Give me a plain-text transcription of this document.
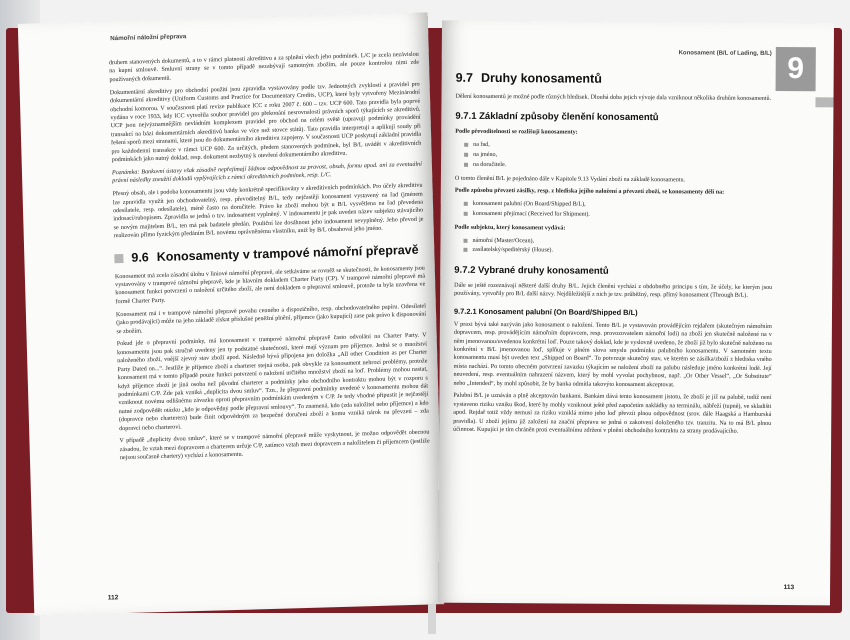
Námořní náložní přeprava

druhem stanovených dokumentů, a to v rámci platnosti akreditivu a za splnění všech jeho podmínek. L/C je zcela nezávislou na kupní smlouvě. Smluvní strany se v tomto případě nezabývají samotným zbožím, ale pouze kontrolou nimi zde používaných dokumentů.

Dokumentární akreditivy pro obchodní použití jsou zpravidla vystavovány podle tzv. Jednotných zvyklostí a pravidel pro dokumentární akreditivy (Uniform Customs and Practice for Documentary Credits, UCP), které byly vytvořeny Mezinárodní obchodní komorou. V současnosti platí revize publikace ICC z roku 2007 č. 600 – tzv. UCP 600. Tato pravidla byla poprvé vydána v roce 1933, kdy ICC vytvořila soubor pravidel pro překonání nesrovnalostí právních sporů týkajících se akreditivů. UCP jsou nejvýznamnějším nevládním komplexem pravidel pro obchod na celém světě (upravují podmínky provádění transakcí na bázi dokumentárních akreditivů banka ve více než stovce států). Tato pravidla interpretují a aplikují soudy při řešení sporů mezi stranami, které jsou do dokumentárního akreditivu zapojeny. V současnosti UCP poskytují základní pravidla pro každodenní transakce v rámci UCP 600. Za určitých, předem stanovených podmínek, byl B/L uvádět v akreditivních podmínkách jako nutný doklad, resp. dokument nezbytný k otevření dokumentárního akreditivu.

Poznámka: Bankovní ústavy však zásadně nepřejímají žádnou odpovědnost za pravost, obsah, formu apod. ani za eventuální právní následky zneužití dokladů vyplývajících z rámci akreditivních podmínek, resp. L/C.

Přesný obsah, ale i podoba konosamentu jsou vždy konkrétně specifikovány v akreditivních podmínkách. Pro účely akreditivu lze zpravidla využít jen obchodovatelný, resp. převoditelný B/L, tedy nejčastěji konosament vystavený na řad (jménem odesílatele, resp. odesílatele), méně často na doručitele. Právo ke zboží mohou být u B/L vysvětlena na řad převedena indosací/rubopisem. Zpravidla se jedná o tzv. indosament vyplněný. V indosamentu je pak uveden název subjektu stávajícího se novým majitelem B/L, ten má pak badatele předán. Pouliční lze dosáhnout jeho indosament nevyplněný. Jeho převod je realizován přímo fyzickým předáním B/L novému oprávněnému vlastníku, aniž by B/L obsahoval jeho jméno.

9.6 Konosamenty v trampové námořní přepravě

Konosament má zcela zásadní úlohu v liniové námořní přepravě, ale setkáváme se rovněž se skutečností, že konosamenty jsou vystavovány v trampové námořní přepravě, kde je hlavním dokladem Charter Party (CP). V trampové námořní přepravě má konosament funkci potvrzení o naložení určitého zboží, ale není dokladem o přepravní smlouvě, protože ta byla uzavřena ve formě Charter Party.

Konosament má i v trampové námořní přepravě povahu cenného a dispozičního, resp. obchodovatelného papíru. Odesílatel (jako prodávající) může na jeho základě získat příslušné peněžní plnění, příjemce (jako kupující) zase pak právo k disponování se zbožím.

Pokud jde o přepravní podmínky, má konosament v trampové námořní přepravě často odvolání na Charter Party. V konosamentu jsou pak stručně uvedeny jen ty podstatné skutečnosti, které mají význam pro příjemce. Jedná se o množství naloženého zboží, vnější zjevný stav zboží apod. Následně bývá připojena jen doložka „All other Condition as per Charter Party Dated on...“. Jestliže je příjemce zboží a charterer stejná osoba, pak obvykle za konosament nehrozí problémy, protože konosament má v tomto případě pouze funkci potvrzení o naložení určitého množství zboží na loď. Problémy mohou nastat, když příjemce zboží je jiná osoba než původní charterer a podmínky jeho obchodního kontraktu mohou být v rozporu s podmínkami C/P. Zde pak vzniká „duplicita dvou smluv“. Tzn., že přepravní podmínky uvedené v konosamentu mohou dát vzniknout novému odlišnému závazku oproti přepravním podmínkám uvedeným v C/P. Je tedy vhodné připustit je nejčastěji nutné zodpovědět otázku „kdo je odpovědný podle přepravní smlouvy“. To znamená, kdo (zda naložitel nebo příjemce) a kdo (dopravce nebo charterera) bude činit odpovědným za bezpečné doručení zboží a komu vzniká nárok na převzetí – zda dopravci nebo charterovi.

V případě „duplicity dvou smluv“, které se v trampové námořní přepravě může vyskytnout, je možno odpovědět obecnou zásadou, že vztah mezi dopravcem a charterem určuje C/P, zatímco vztah mezi dopravcem a naložitelem či příjemcem (jestliže nejsou současně chartery) vychází z konosamentu.

112
Konosament (B/L of Lading, B/L) 9
9.7 Druhy konosamentů

Dělení konosamentů je možné podle různých hledisek. Dlouhá doba jejich vývoje dala vzniknout několika druhům konosamentů.

9.7.1 Základní způsoby členění konosamentů

Podle převoditelnosti se rozlišují konosamenty:

na řad,
na jméno,
na doručitele.

O tomto členění B/L je pojednáno dále v Kapitole 9.13 Vydání zboží na základě konosamentu.

Podle způsobu převzetí zásilky, resp. z hlediska jejího naložení a převzetí zboží, se konosamenty dělí na:

konosament palubní (On Board/Shipped B/L),
konosament přejímací (Received for Shipment).

Podle subjektu, který konosament vydává:

námořní (Master/Ocean),
zasílatelský/speditérský (House).
9.7.2 Vybrané druhy konosamentů

Dále se ještě rozeznávají některé další druhy B/L. Jejich členění vychází z obdobného principu s tím, že účely, ke kterým jsou používány, vytvořily pro B/L další názvy. Nejdůležitější z nich je tzv. průběžný, resp. přímý konosament (Through B/L).

9.7.2.1 Konosament palubní (On Board/Shipped B/L)

V praxi bývá také nazýván jako konosament o naložení. Tento B/L je vystavován provádějícím rejdařem (skutečným námořním dopravcem, resp. provádějícím námořním dopravcem, resp. provozovatelem námořní lodi) na zboží jen skutečně naložené na v něm jmenovanou/uvedenou konkrétní loď. Pouze takový doklad, kde je vyslovně uvedeno, že zboží již bylo skutečně naloženo na konkrétní v B/L jmenovanou loď, splňuje v plném slova smyslu podmínku palubního konosamentu. V samotném textu konosamentu musí být uveden text „Shipped on Board“. To potvrzuje skutečný stav, ve kterém se zásilka/zboží z hlediska vného místa nachází. Po tomto obecném potvrzení zavazku týkajícím se naložení zboží na palubu následuje jméno konkrétní lodě. Její neuvedení, resp. eventuálním nahrazení názvem, který by mohl vyvolat pochybnost, např. „Or Other Vessel“, „Or Substitute“ nebo „Intended“, by mohl způsobit, že by banka odmítla takovýto konosament akceptovat.

Palubní B/L je uznáván a plně akceptován bankami. Bankám dává tento konosament jistotu, že zboží je již na palubě, tudíž není vystaveno riziku vzniku škod, které by mohly vzniknout ještě před započetím nakládky na terminálu, nábřeží (tupně), ve skladišti apod. Rejdař totiž vždy nemusí za riziku vzniklá mimo jeho loď převzít plnou odpovědnost (srov. dále Haagská a Hamburská pravidla). U zboží jejímu již založení na znační přepravu se jedná o zakotvení doloženého tzv. tranzitu. Na to má B/L plnou účinnost. Kupující je tím chráněn proti eventuálnímu zdržení v plnění obchodního kontraktu za strany prodávajícího.

113
